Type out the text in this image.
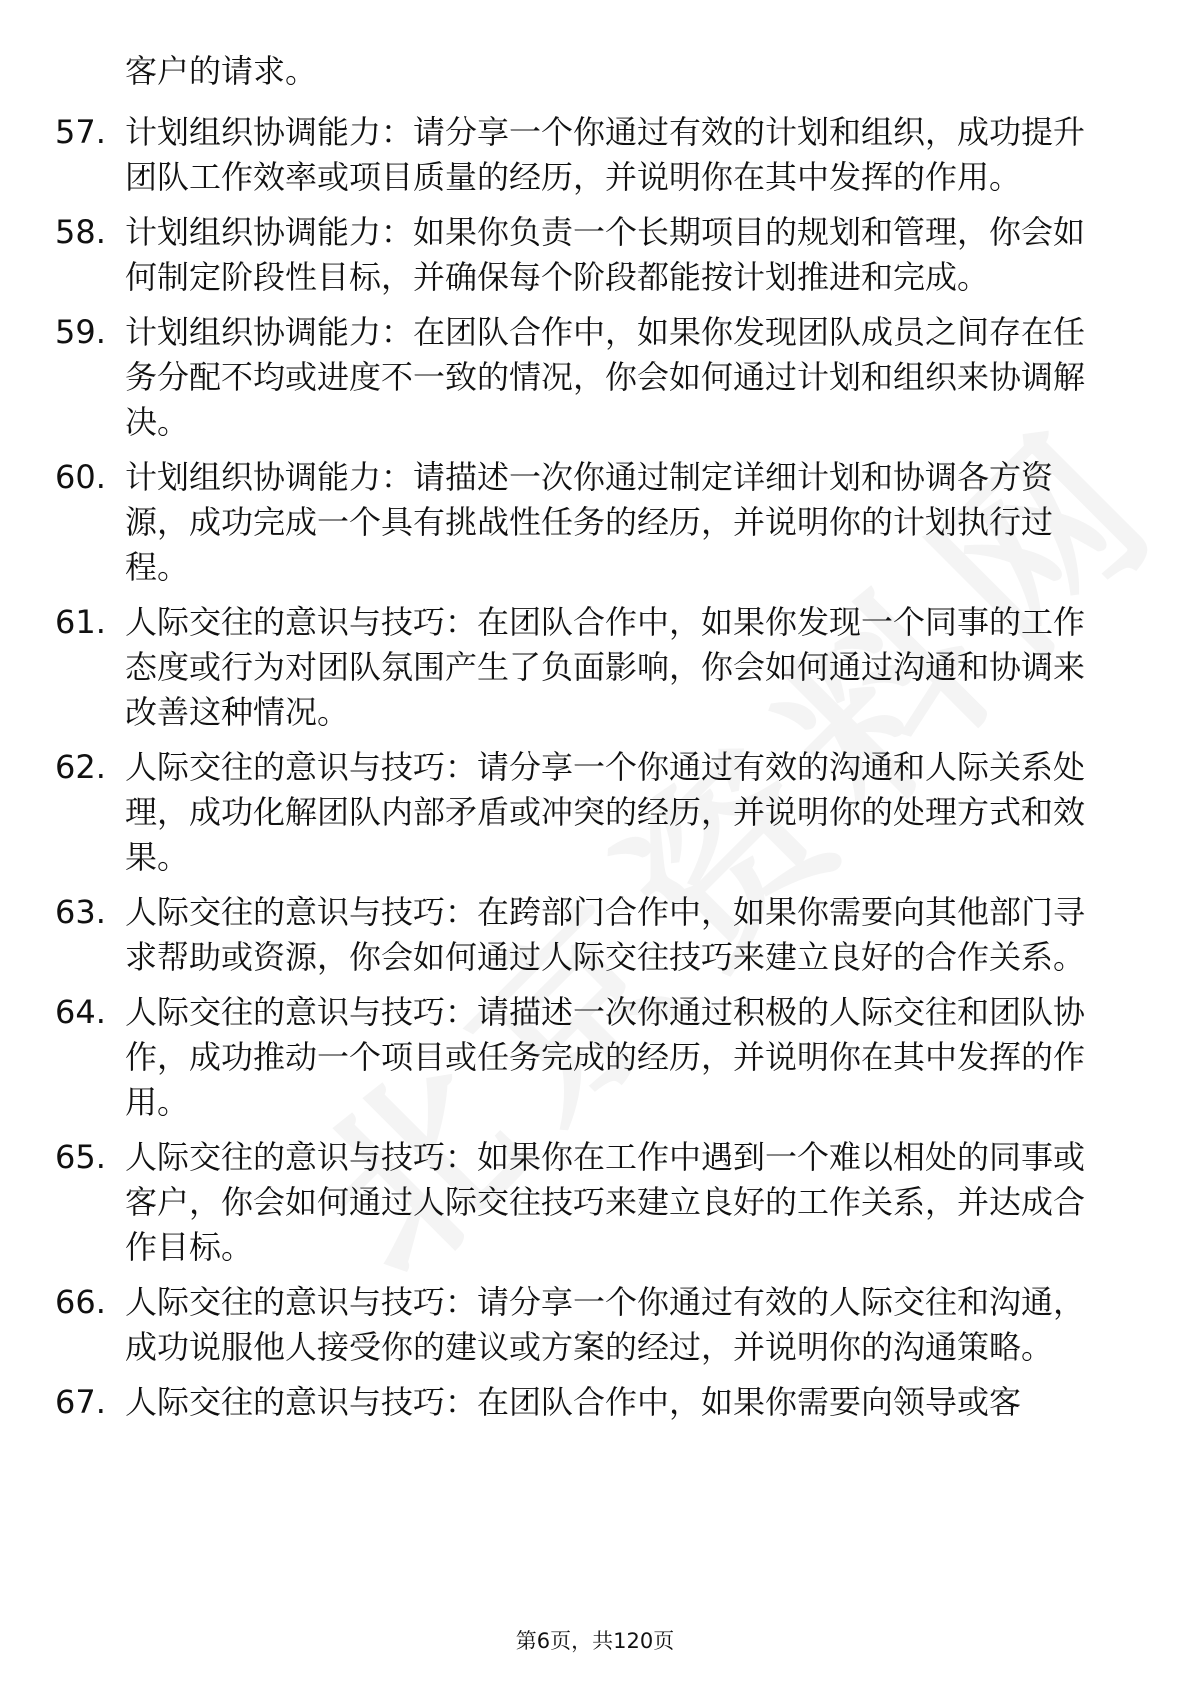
客户的请求。

57. 计划组织协调能力：请分享一个你通过有效的计划和组织，成功提升团队工作效率或项目质量的经历，并说明你在其中发挥的作用。
58. 计划组织协调能力：如果你负责一个长期项目的规划和管理，你会如何制定阶段性目标，并确保每个阶段都能按计划推进和完成。
59. 计划组织协调能力：在团队合作中，如果你发现团队成员之间存在任务分配不均或进度不一致的情况，你会如何通过计划和组织来协调解决。
60. 计划组织协调能力：请描述一次你通过制定详细计划和协调各方资源，成功完成一个具有挑战性任务的经历，并说明你的计划执行过程。
61. 人际交往的意识与技巧：在团队合作中，如果你发现一个同事的工作态度或行为对团队氛围产生了负面影响，你会如何通过沟通和协调来改善这种情况。
62. 人际交往的意识与技巧：请分享一个你通过有效的沟通和人际关系处理，成功化解团队内部矛盾或冲突的经历，并说明你的处理方式和效果。
63. 人际交往的意识与技巧：在跨部门合作中，如果你需要向其他部门寻求帮助或资源，你会如何通过人际交往技巧来建立良好的合作关系。
64. 人际交往的意识与技巧：请描述一次你通过积极的人际交往和团队协作，成功推动一个项目或任务完成的经历，并说明你在其中发挥的作用。
65. 人际交往的意识与技巧：如果你在工作中遇到一个难以相处的同事或客户，你会如何通过人际交往技巧来建立良好的工作关系，并达成合作目标。
66. 人际交往的意识与技巧：请分享一个你通过有效的人际交往和沟通，成功说服他人接受你的建议或方案的经过，并说明你的沟通策略。
67. 人际交往的意识与技巧：在团队合作中，如果你需要向领导或客
第6页，共120页
